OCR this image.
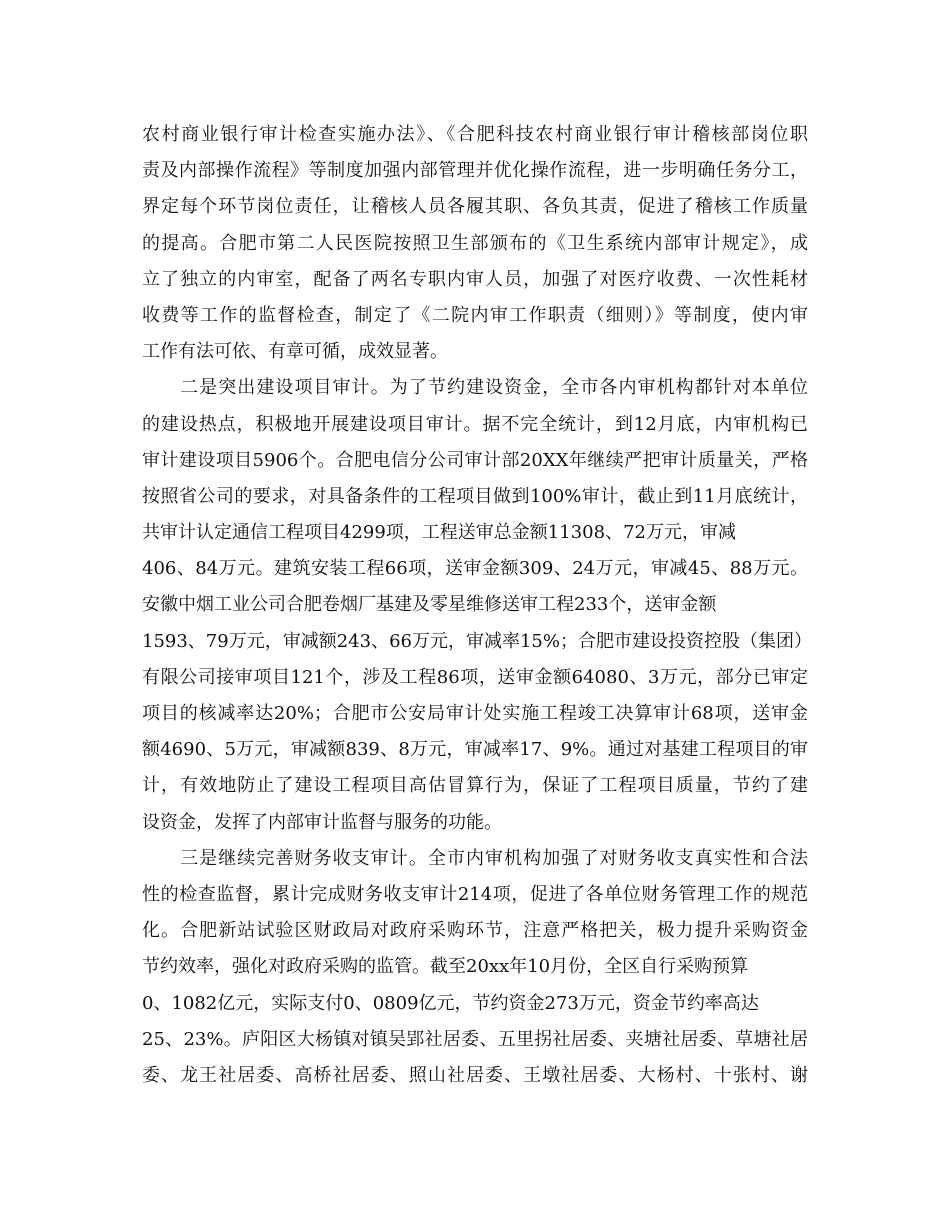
农村商业银行审计检查实施办法》、《合肥科技农村商业银行审计稽核部岗位职
责及内部操作流程》等制度加强内部管理并优化操作流程，进一步明确任务分工，
界定每个环节岗位责任，让稽核人员各履其职、各负其责，促进了稽核工作质量
的提高。合肥市第二人民医院按照卫生部颁布的《卫生系统内部审计规定》，成
立了独立的内审室，配备了两名专职内审人员，加强了对医疗收费、一次性耗材
收费等工作的监督检查，制定了《二院内审工作职责（细则）》等制度，使内审
工作有法可依、有章可循，成效显著。
　　二是突出建设项目审计。为了节约建设资金，全市各内审机构都针对本单位
的建设热点，积极地开展建设项目审计。据不完全统计，到12月底，内审机构已
审计建设项目5906个。合肥电信分公司审计部20XX年继续严把审计质量关，严格
按照省公司的要求，对具备条件的工程项目做到100%审计，截止到11月底统计，
共审计认定通信工程项目4299项，工程送审总金额11308、72万元，审减
406、84万元。建筑安装工程66项，送审金额309、24万元，审减45、88万元。
安徽中烟工业公司合肥卷烟厂基建及零星维修送审工程233个，送审金额
1593、79万元，审减额243、66万元，审减率15%；合肥市建设投资控股（集团）
有限公司接审项目121个，涉及工程86项，送审金额64080、3万元，部分已审定
项目的核减率达20%；合肥市公安局审计处实施工程竣工决算审计68项，送审金
额4690、5万元，审减额839、8万元，审减率17、9%。通过对基建工程项目的审
计，有效地防止了建设工程项目高估冒算行为，保证了工程项目质量，节约了建
设资金，发挥了内部审计监督与服务的功能。
　　三是继续完善财务收支审计。全市内审机构加强了对财务收支真实性和合法
性的检查监督，累计完成财务收支审计214项，促进了各单位财务管理工作的规范
化。合肥新站试验区财政局对政府采购环节，注意严格把关，极力提升采购资金
节约效率，强化对政府采购的监管。截至20xx年10月份，全区自行采购预算
0、1082亿元，实际支付0、0809亿元，节约资金273万元，资金节约率高达
25、23%。庐阳区大杨镇对镇吴郢社居委、五里拐社居委、夹塘社居委、草塘社居
委、龙王社居委、高桥社居委、照山社居委、王墩社居委、大杨村、十张村、谢
